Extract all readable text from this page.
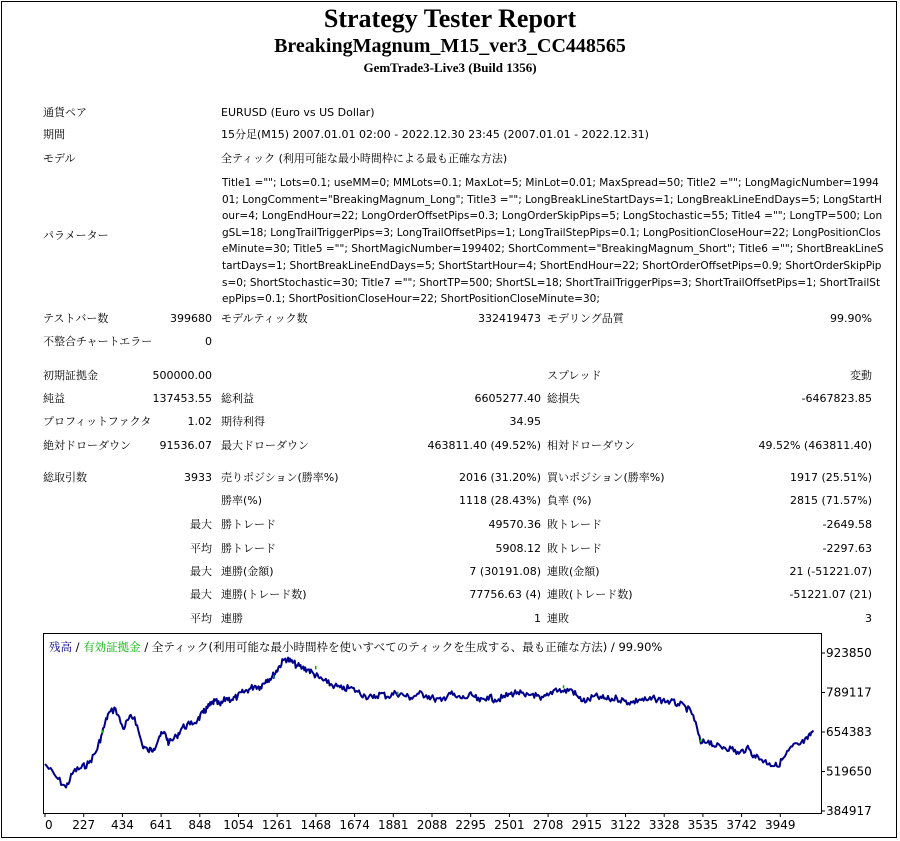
Strategy Tester Report
BreakingMagnum_M15_ver3_CC448565
GemTrade3-Live3 (Build 1356)
通貨ペア	EURUSD (Euro vs US Dollar)
期間	15分足(M15) 2007.01.01 02:00 - 2022.12.30 23:45 (2007.01.01 - 2022.12.31)
モデル	全ティック (利用可能な最小時間枠による最も正確な方法)
パラメーター
Title1 =""; Lots=0.1; useMM=0; MMLots=0.1; MaxLot=5; MinLot=0.01; MaxSpread=50; Title2 =""; LongMagicNumber=199401; LongComment="BreakingMagnum_Long"; Title3 =""; LongBreakLineStartDays=1; LongBreakLineEndDays=5; LongStartHour=4; LongEndHour=22; LongOrderOffsetPips=0.3; LongOrderSkipPips=5; LongStochastic=55; Title4 =""; LongTP=500; LongSL=18; LongTrailTriggerPips=3; LongTrailOffsetPips=1; LongTrailStepPips=0.1; LongPositionCloseHour=22; LongPositionCloseMinute=30; Title5 =""; ShortMagicNumber=199402; ShortComment="BreakingMagnum_Short"; Title6 =""; ShortBreakLineStartDays=1; ShortBreakLineEndDays=5; ShortStartHour=4; ShortEndHour=22; ShortOrderOffsetPips=0.9; ShortOrderSkipPips=0; ShortStochastic=30; Title7 =""; ShortTP=500; ShortSL=18; ShortTrailTriggerPips=3; ShortTrailOffsetPips=1; ShortTrailStepPips=0.1; ShortPositionCloseHour=22; ShortPositionCloseMinute=30;
テストバー数	399680 モデルティック数	332419473 モデリング品質	99.90%
不整合チャートエラー	0
初期証拠金	500000.00	スプレッド	変動
純益	137453.55 総利益	6605277.40 総損失	-6467823.85
プロフィットファクタ	1.02 期待利得	34.95
絶対ドローダウン	91536.07 最大ドローダウン	463811.40 (49.52%) 相対ドローダウン	49.52% (463811.40)
総取引数	3933 売りポジション(勝率%)	2016 (31.20%) 買いポジション(勝率%)	1917 (25.51%)
勝率(%)	1118 (28.43%) 負率 (%)	2815 (71.57%)
最大 勝トレード	49570.36 敗トレード	-2649.58
平均 勝トレード	5908.12 敗トレード	-2297.63
最大 連勝(金額)	7 (30191.08) 連敗(金額)	21 (-51221.07)
最大 連勝(トレード数)	77756.63 (4) 連敗(トレード数)	-51221.07 (21)
平均 連勝	1 連敗	3
0 227 434 641 848 1054 1261 1468 1674 1881 2088 2295 2501 2708 2915 3122 3328 3535 3742 3949
923850
789117
654383
519650
384917
残高 / 有効証拠金 / 全ティック(利用可能な最小時間枠を使いすべてのティックを生成する、最も正確な方法) / 99.90%
